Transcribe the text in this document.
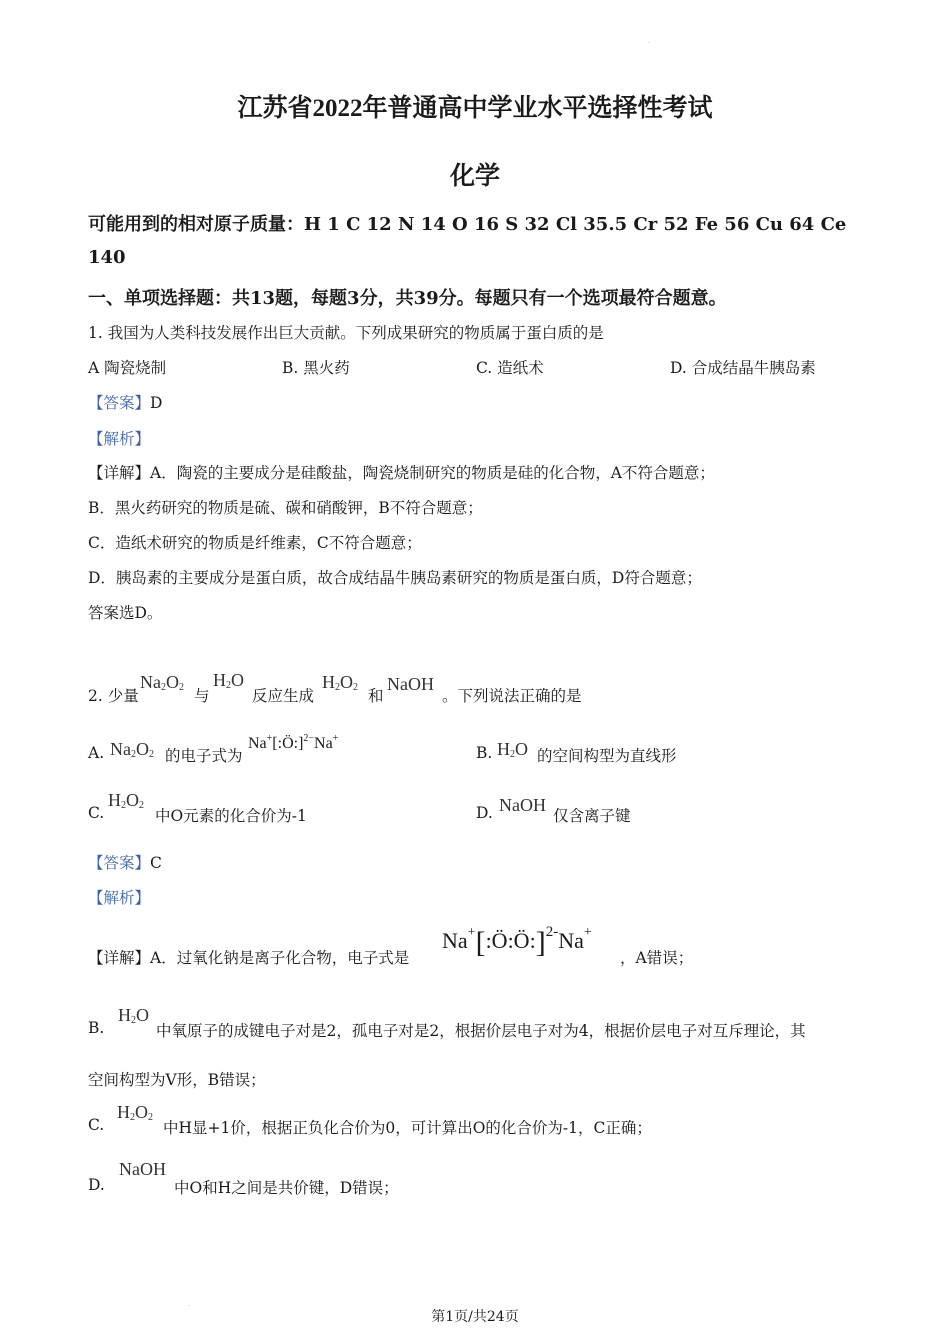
·
江苏省2022年普通高中学业水平选择性考试
化学
可能用到的相对原子质量：H 1 C 12 N 14 O 16 S 32 Cl 35.5 Cr 52 Fe 56 Cu 64 Ce
140
一、单项选择题：共13题，每题3分，共39分。每题只有一个选项最符合题意。
1. 我国为人类科技发展作出巨大贡献。下列成果研究的物质属于蛋白质的是
A 陶瓷烧制	B. 黑火药	C. 造纸术	D. 合成结晶牛胰岛素
【答案】D
【解析】
【详解】A．陶瓷的主要成分是硅酸盐，陶瓷烧制研究的物质是硅的化合物，A不符合题意；
B．黑火药研究的物质是硫、碳和硝酸钾，B不符合题意；
C．造纸术研究的物质是纤维素，C不符合题意；
D．胰岛素的主要成分是蛋白质，故合成结晶牛胰岛素研究的物质是蛋白质，D符合题意；
答案选D。
2. 少量
$Na_2O_2$ 与
$H_2O$
反应生成
$H_2O_2$ 和
NaOH
。下列说法正确的是
A. $Na_2O_2$ 的电子式为
Na+[:Ö:]$^{2-}$Na+
B. $H_2O$ 的空间构型为直线形
C.
$H_2O_2$
中O元素的化合价为-1	D. NaOH
仅含离子键
【答案】C
【解析】
【详解】A．过氧化钠是离子化合物，电子式是
Na+[:Ö:Ö:]$^{2-}$Na+
，A错误；
B.
$H_2O$
中氧原子的成键电子对是2，孤电子对是2，根据价层电子对为4，根据价层电子对互斥理论，其
空间构型为V形，B错误；
C.
$H_2O_2$
中H显+1价，根据正负化合价为0，可计算出O的化合价为-1，C正确；
D.
NaOH
中O和H之间是共价键，D错误；
·
第1页/共24页
